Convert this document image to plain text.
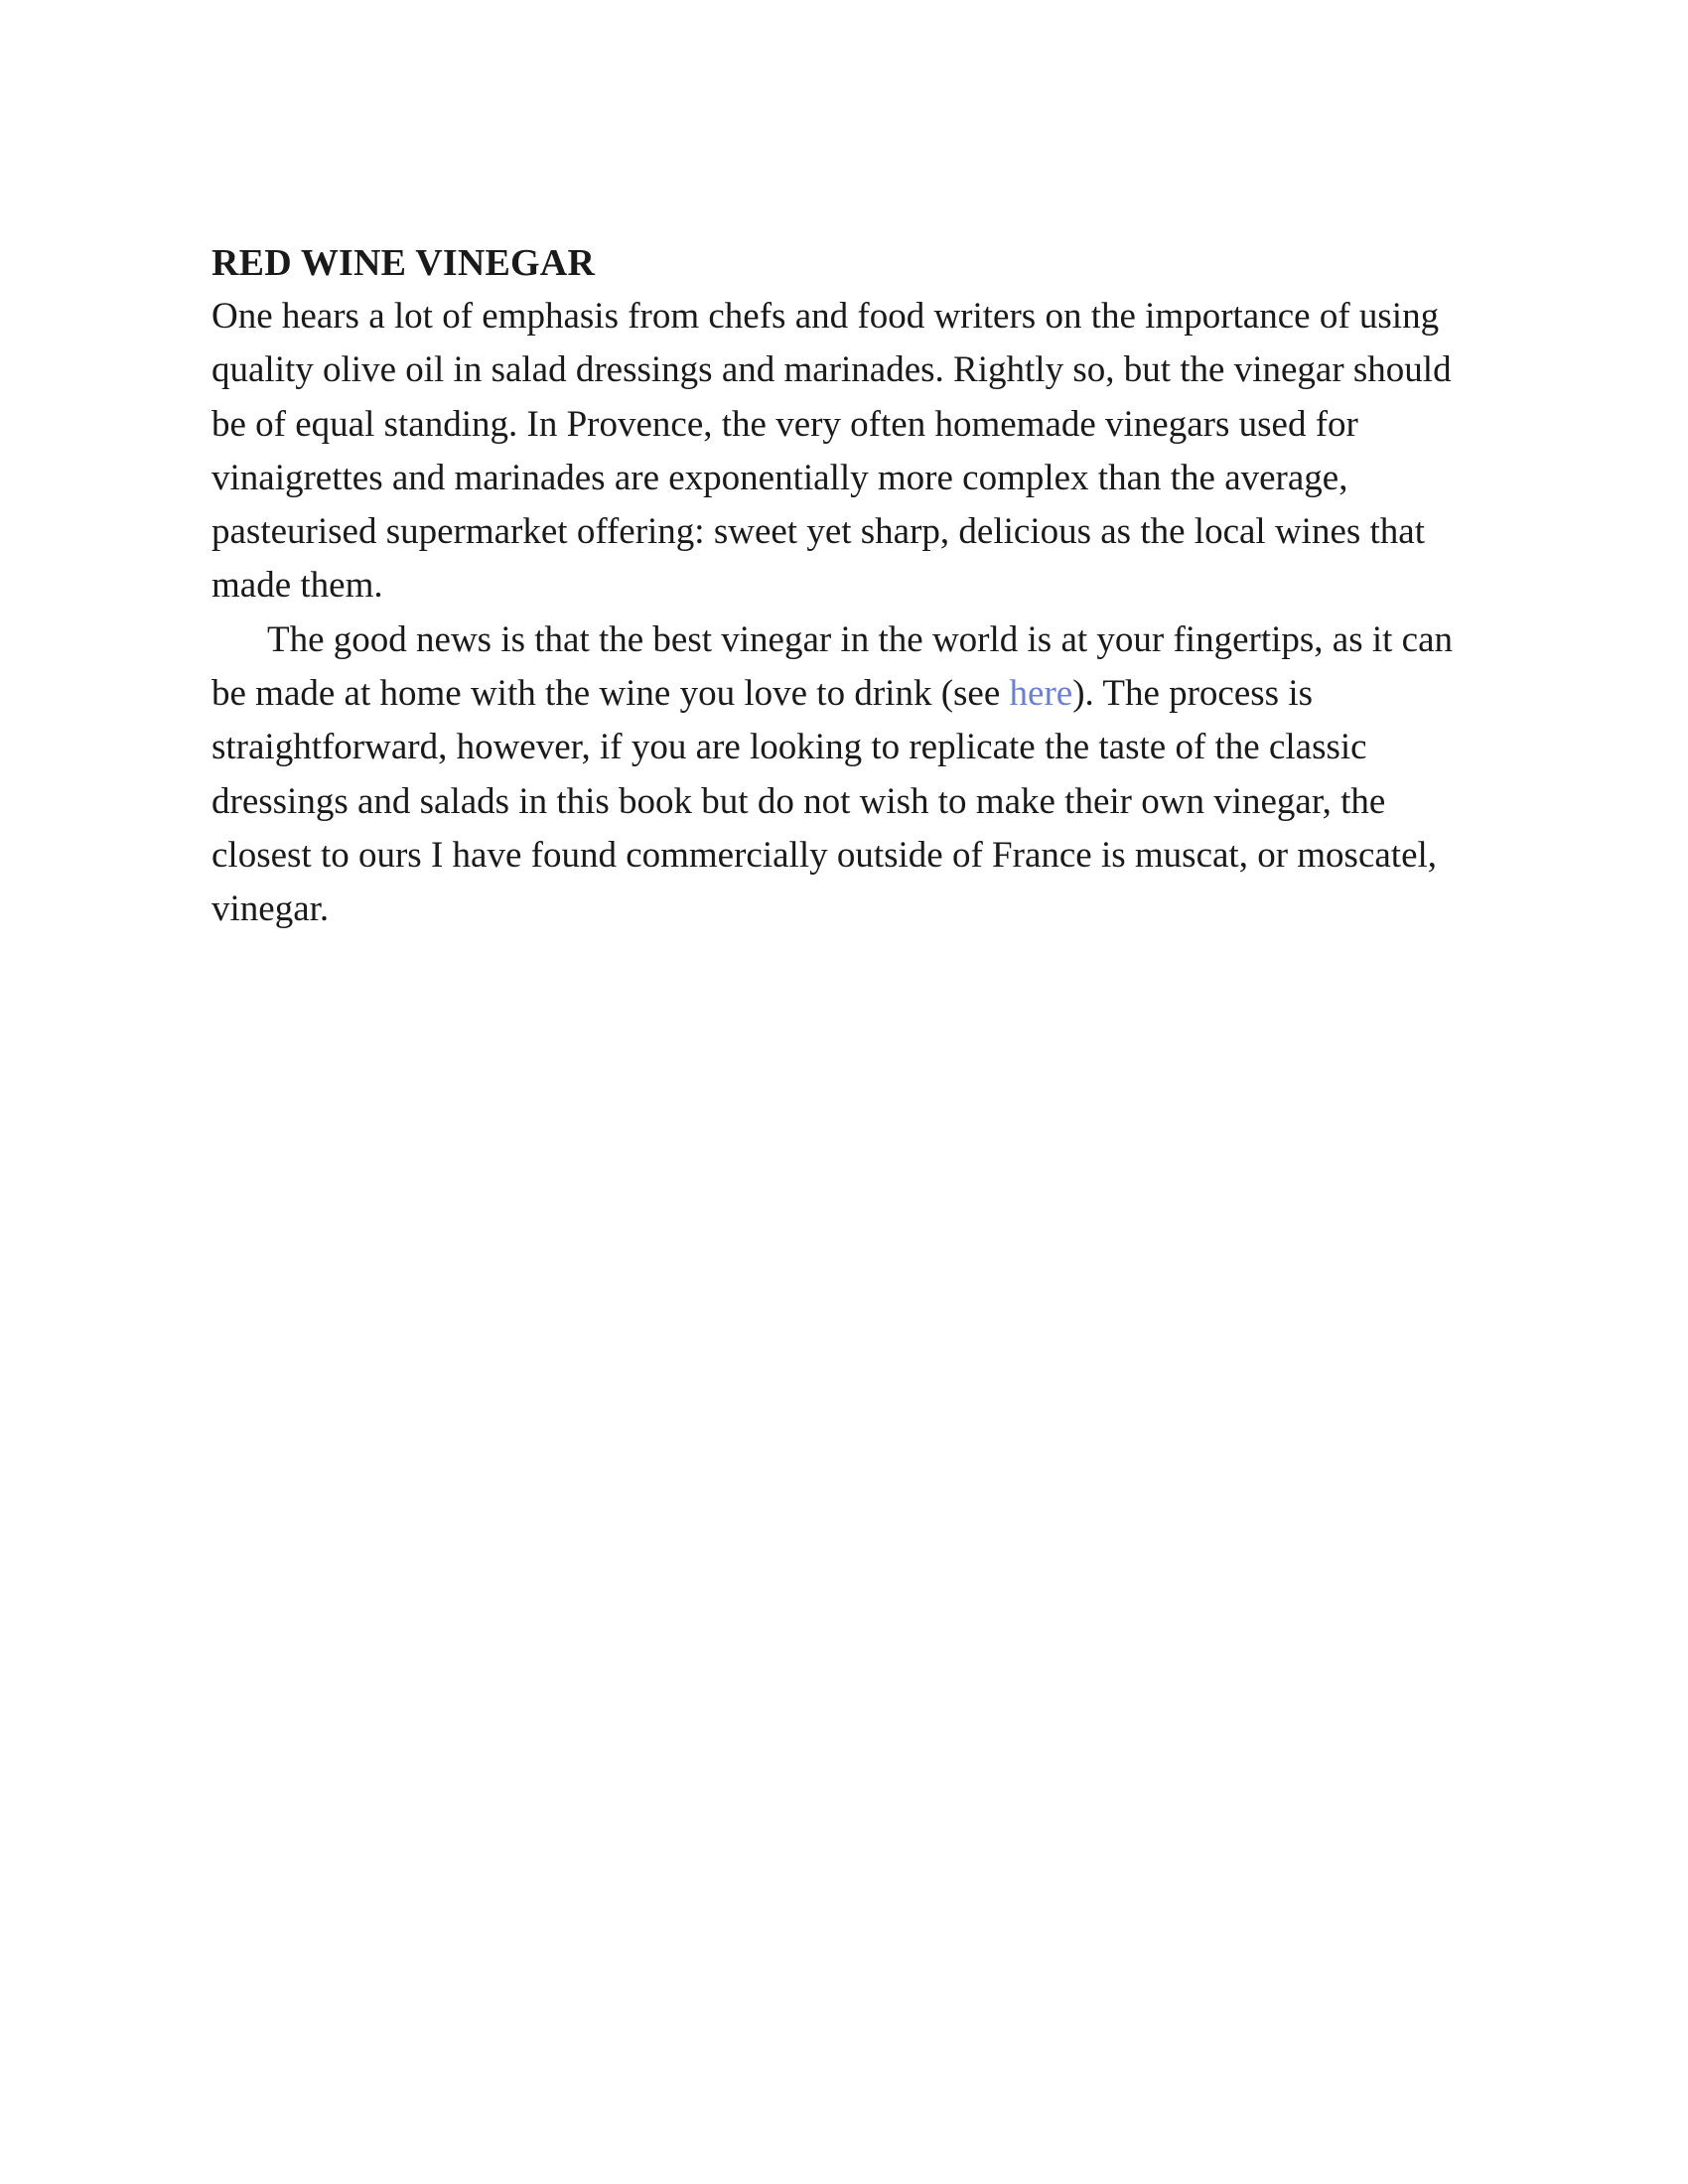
RED WINE VINEGAR

One hears a lot of emphasis from chefs and food writers on the importance of using quality olive oil in salad dressings and marinades. Rightly so, but the vinegar should be of equal standing. In Provence, the very often homemade vinegars used for vinaigrettes and marinades are exponentially more complex than the average, pasteurised supermarket offering: sweet yet sharp, delicious as the local wines that made them.

The good news is that the best vinegar in the world is at your fingertips, as it can be made at home with the wine you love to drink (see here). The process is straightforward, however, if you are looking to replicate the taste of the classic dressings and salads in this book but do not wish to make their own vinegar, the closest to ours I have found commercially outside of France is muscat, or moscatel, vinegar.
